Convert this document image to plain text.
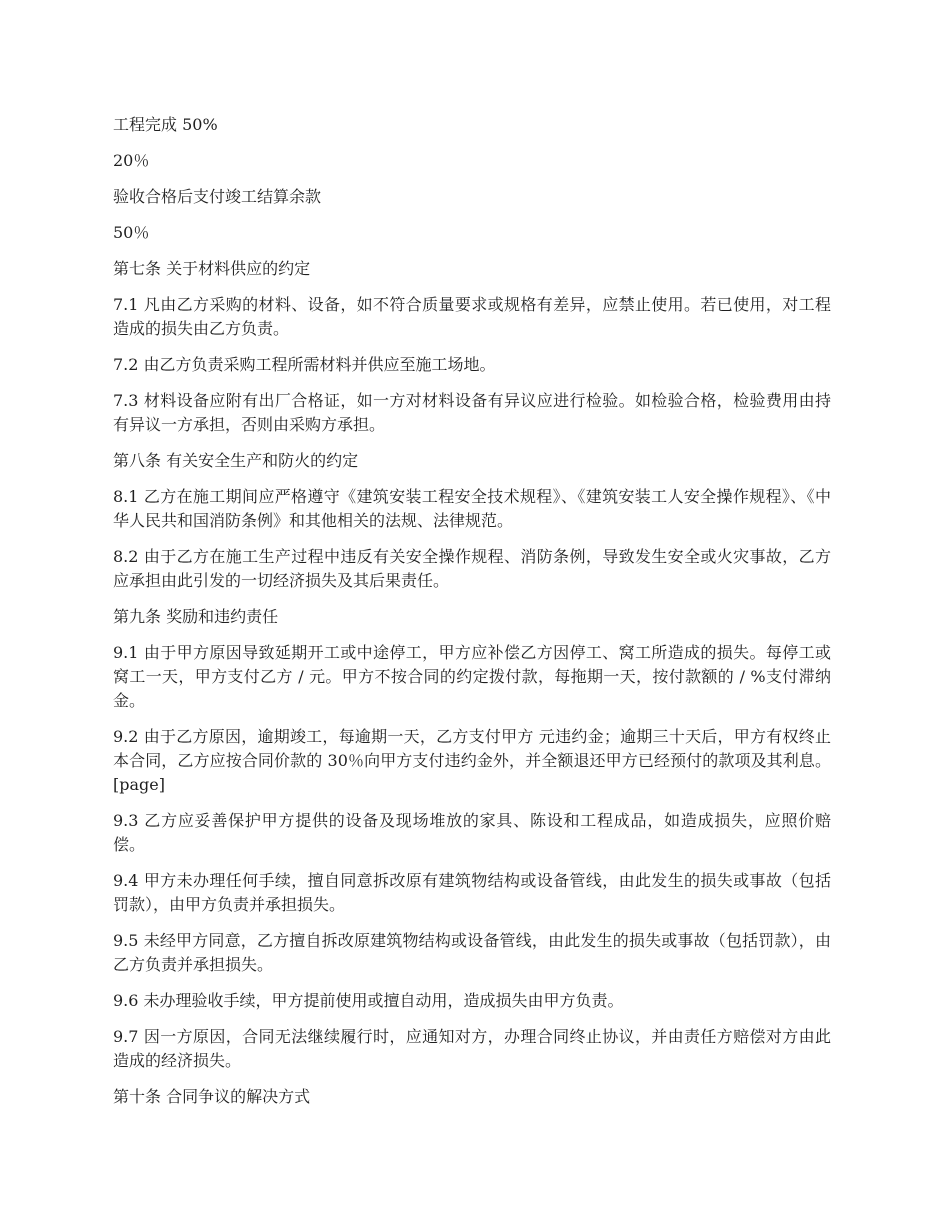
工程完成 50%
20％
验收合格后支付竣工结算余款
50％
第七条 关于材料供应的约定

7.1 凡由乙方采购的材料、设备，如不符合质量要求或规格有差异，应禁止使用。若已使用，对工程造成的损失由乙方负责。

7.2 由乙方负责采购工程所需材料并供应至施工场地。

7.3 材料设备应附有出厂合格证，如一方对材料设备有异议应进行检验。如检验合格，检验费用由持有异议一方承担，否则由采购方承担。

第八条 有关安全生产和防火的约定

8.1 乙方在施工期间应严格遵守《建筑安装工程安全技术规程》、《建筑安装工人安全操作规程》、《中华人民共和国消防条例》和其他相关的法规、法律规范。

8.2 由于乙方在施工生产过程中违反有关安全操作规程、消防条例，导致发生安全或火灾事故，乙方应承担由此引发的一切经济损失及其后果责任。

第九条 奖励和违约责任

9.1 由于甲方原因导致延期开工或中途停工，甲方应补偿乙方因停工、窝工所造成的损失。每停工或窝工一天，甲方支付乙方 / 元。甲方不按合同的约定拨付款，每拖期一天，按付款额的 / %支付滞纳金。

9.2 由于乙方原因，逾期竣工，每逾期一天，乙方支付甲方 元违约金；逾期三十天后，甲方有权终止本合同，乙方应按合同价款的 30％向甲方支付违约金外，并全额退还甲方已经预付的款项及其利息。[page]

9.3 乙方应妥善保护甲方提供的设备及现场堆放的家具、陈设和工程成品，如造成损失，应照价赔偿。

9.4 甲方未办理任何手续，擅自同意拆改原有建筑物结构或设备管线，由此发生的损失或事故（包括罚款），由甲方负责并承担损失。

9.5 未经甲方同意，乙方擅自拆改原建筑物结构或设备管线，由此发生的损失或事故（包括罚款），由乙方负责并承担损失。

9.6 未办理验收手续，甲方提前使用或擅自动用，造成损失由甲方负责。

9.7 因一方原因，合同无法继续履行时，应通知对方，办理合同终止协议，并由责任方赔偿对方由此造成的经济损失。

第十条 合同争议的解决方式
